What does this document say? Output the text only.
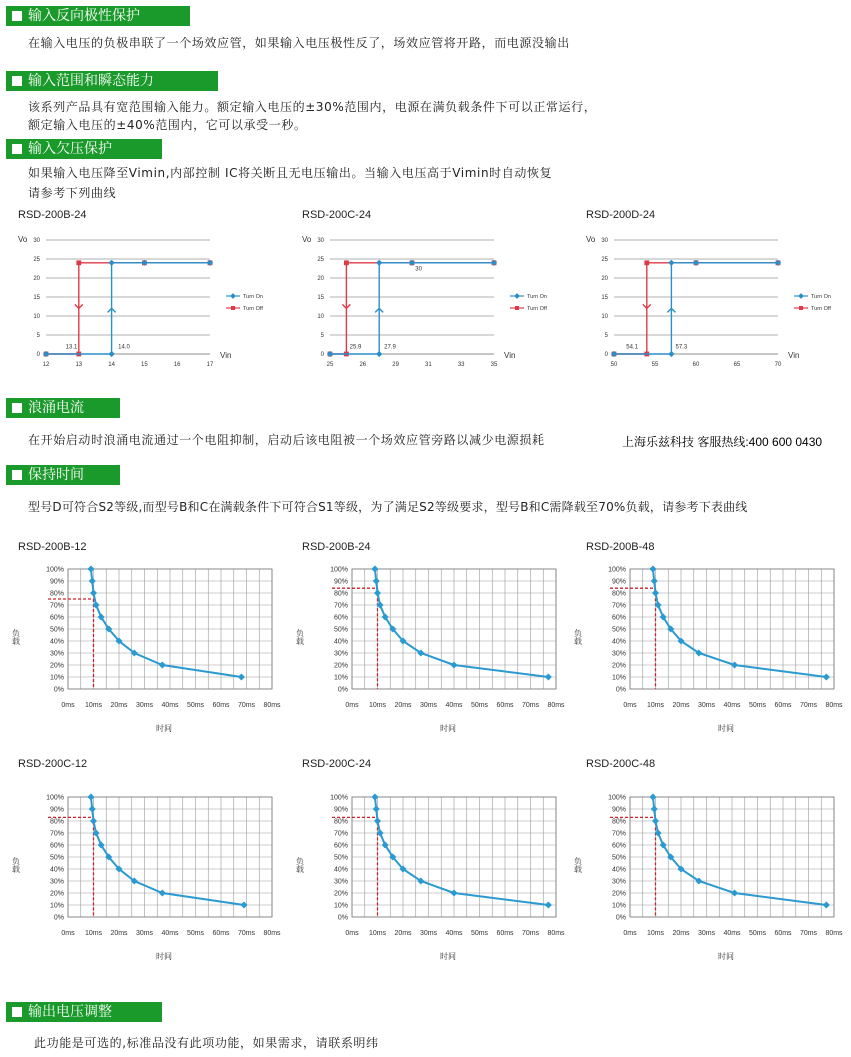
输入反向极性保护
在输入电压的负极串联了一个场效应管，如果输入电压极性反了，场效应管将开路，而电源没输出
输入范围和瞬态能力
该系列产品具有宽范围输入能力。额定输入电压的±30%范围内，电源在满负载条件下可以正常运行，
额定输入电压的±40%范围内，它可以承受一秒。
输入欠压保护
如果输入电压降至Vimin,内部控制 IC将关断且无电压输出。当输入电压高于Vimin时自动恢复
请参考下列曲线
RSD-200B-24	RSD-200C-24	RSD-200D-24
0
5
10
15
20
25
30
12	13	14	15	16	17
Vo
Vin
13.1	14.0
Turn On
Turn Off
0
5
10
15
20
25
30
25	26	29	31	33	35
Vo
Vin
25.9	27.9
30
Turn On
Turn Off
0
5
10
15
20
25
30
50	55	60	65	70
Vo
Vin
54.1	57.3
Turn On
Turn Off
浪涌电流
在开始启动时浪涌电流通过一个电阻抑制，启动后该电阻被一个场效应管旁路以减少电源损耗	上海乐兹科技 客服热线:400 600 0430
保持时间
型号D可符合S2等级,而型号B和C在满载条件下可符合S1等级，为了满足S2等级要求，型号B和C需降载至70%负载，请参考下表曲线
RSD-200B-12	RSD-200B-24	RSD-200B-48
0%
10%
20%
30%
40%
50%
60%
70%
80%
90%
100%
0ms 10ms 20ms 30ms 40ms 50ms 60ms 70ms 80ms
负载
时间
0%
10%
20%
30%
40%
50%
60%
70%
80%
90%
100%
0ms 10ms 20ms 30ms 40ms 50ms 60ms 70ms 80ms
负载
时间
0%
10%
20%
30%
40%
50%
60%
70%
80%
90%
100%
0ms 10ms 20ms 30ms 40ms 50ms 60ms 70ms 80ms
负载
时间
RSD-200C-12	RSD-200C-24	RSD-200C-48
0%
10%
20%
30%
40%
50%
60%
70%
80%
90%
100%
0ms 10ms 20ms 30ms 40ms 50ms 60ms 70ms 80ms
负载
时间
0%
10%
20%
30%
40%
50%
60%
70%
80%
90%
100%
0ms 10ms 20ms 30ms 40ms 50ms 60ms 70ms 80ms
负载
时间
0%
10%
20%
30%
40%
50%
60%
70%
80%
90%
100%
0ms 10ms 20ms 30ms 40ms 50ms 60ms 70ms 80ms
负载
时间
输出电压调整
此功能是可选的,标准品没有此项功能，如果需求，请联系明纬
